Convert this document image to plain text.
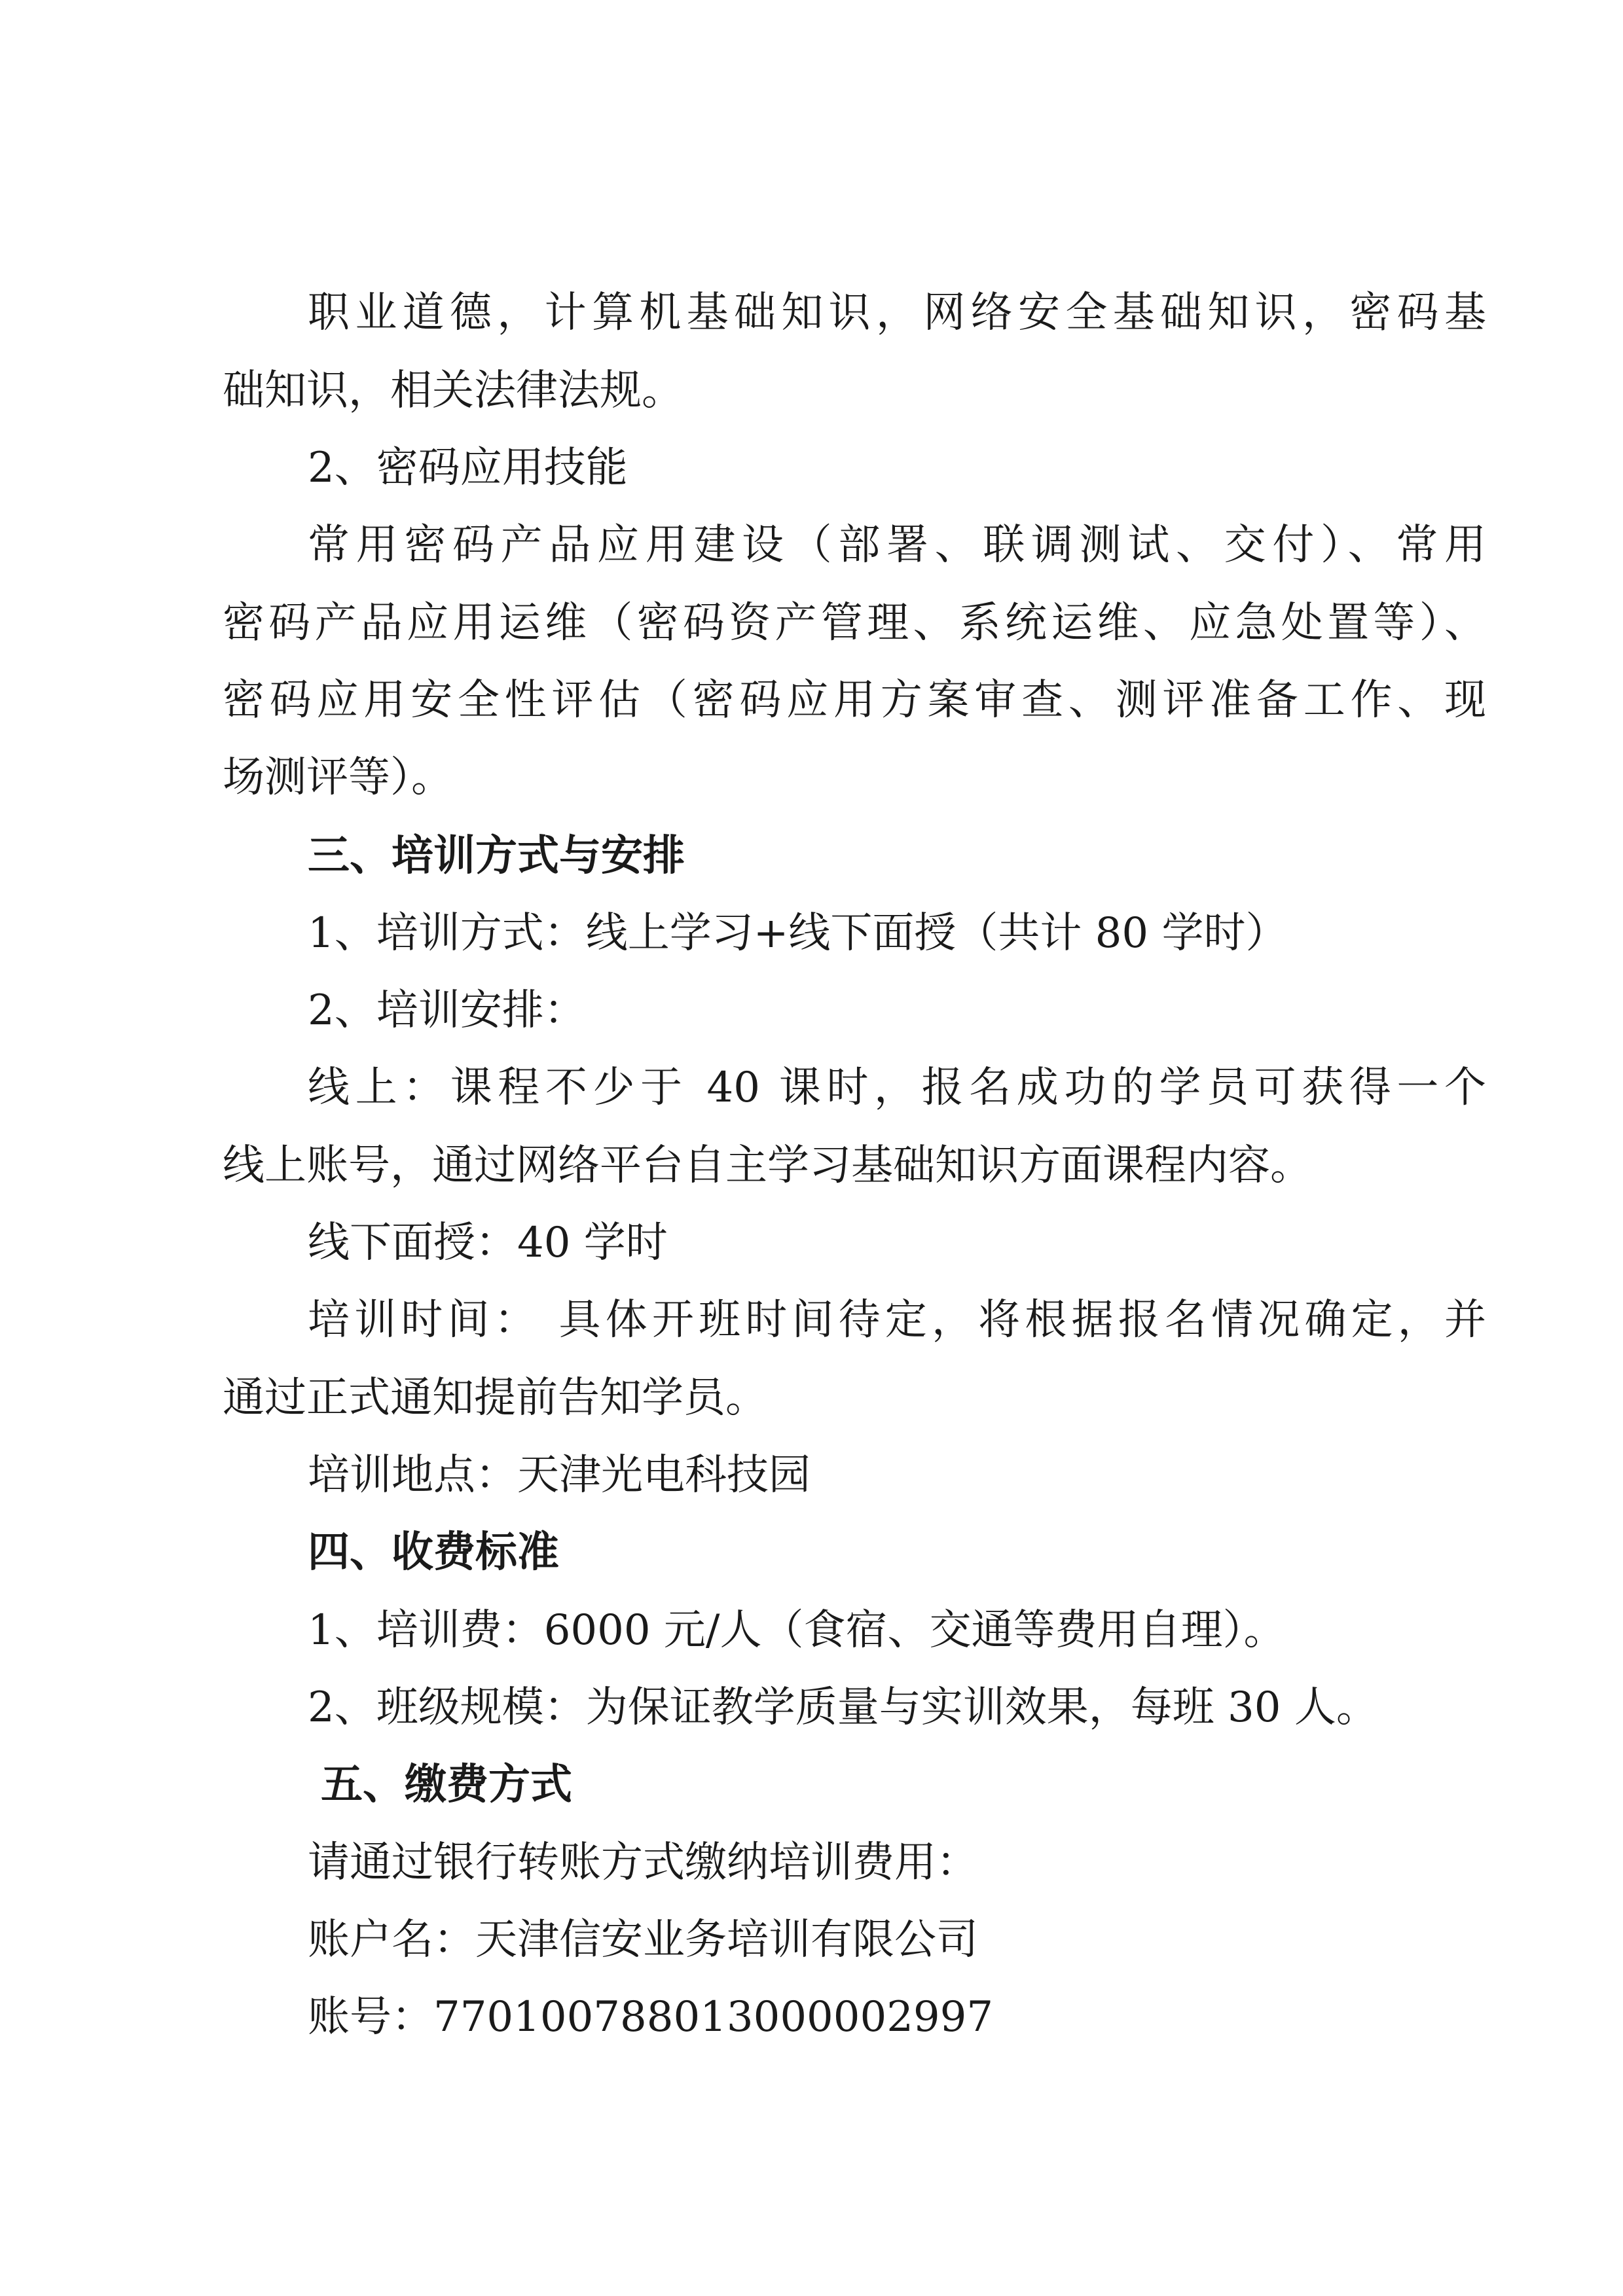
职业道德，计算机基础知识，网络安全基础知识，密码基
础知识，相关法律法规。
2、密码应用技能
常用密码产品应用建设（部署、联调测试、交付）、常用
密码产品应用运维（密码资产管理、系统运维、应急处置等）、
密码应用安全性评估（密码应用方案审查、测评准备工作、现
场测评等）。
三、培训方式与安排
1、培训方式：线上学习+线下面授（共计 80 学时）
2、培训安排：
线上：课程不少于 40 课时，报名成功的学员可获得一个
线上账号，通过网络平台自主学习基础知识方面课程内容。
线下面授：40 学时
培训时间： 具体开班时间待定，将根据报名情况确定，并
通过正式通知提前告知学员。
培训地点：天津光电科技园
四、收费标准
1、培训费：6000 元/人（食宿、交通等费用自理）。
2、班级规模：为保证教学质量与实训效果，每班 30 人。
五、缴费方式
请通过银行转账方式缴纳培训费用：
账户名：天津信安业务培训有限公司
账号：770100788013000002997
